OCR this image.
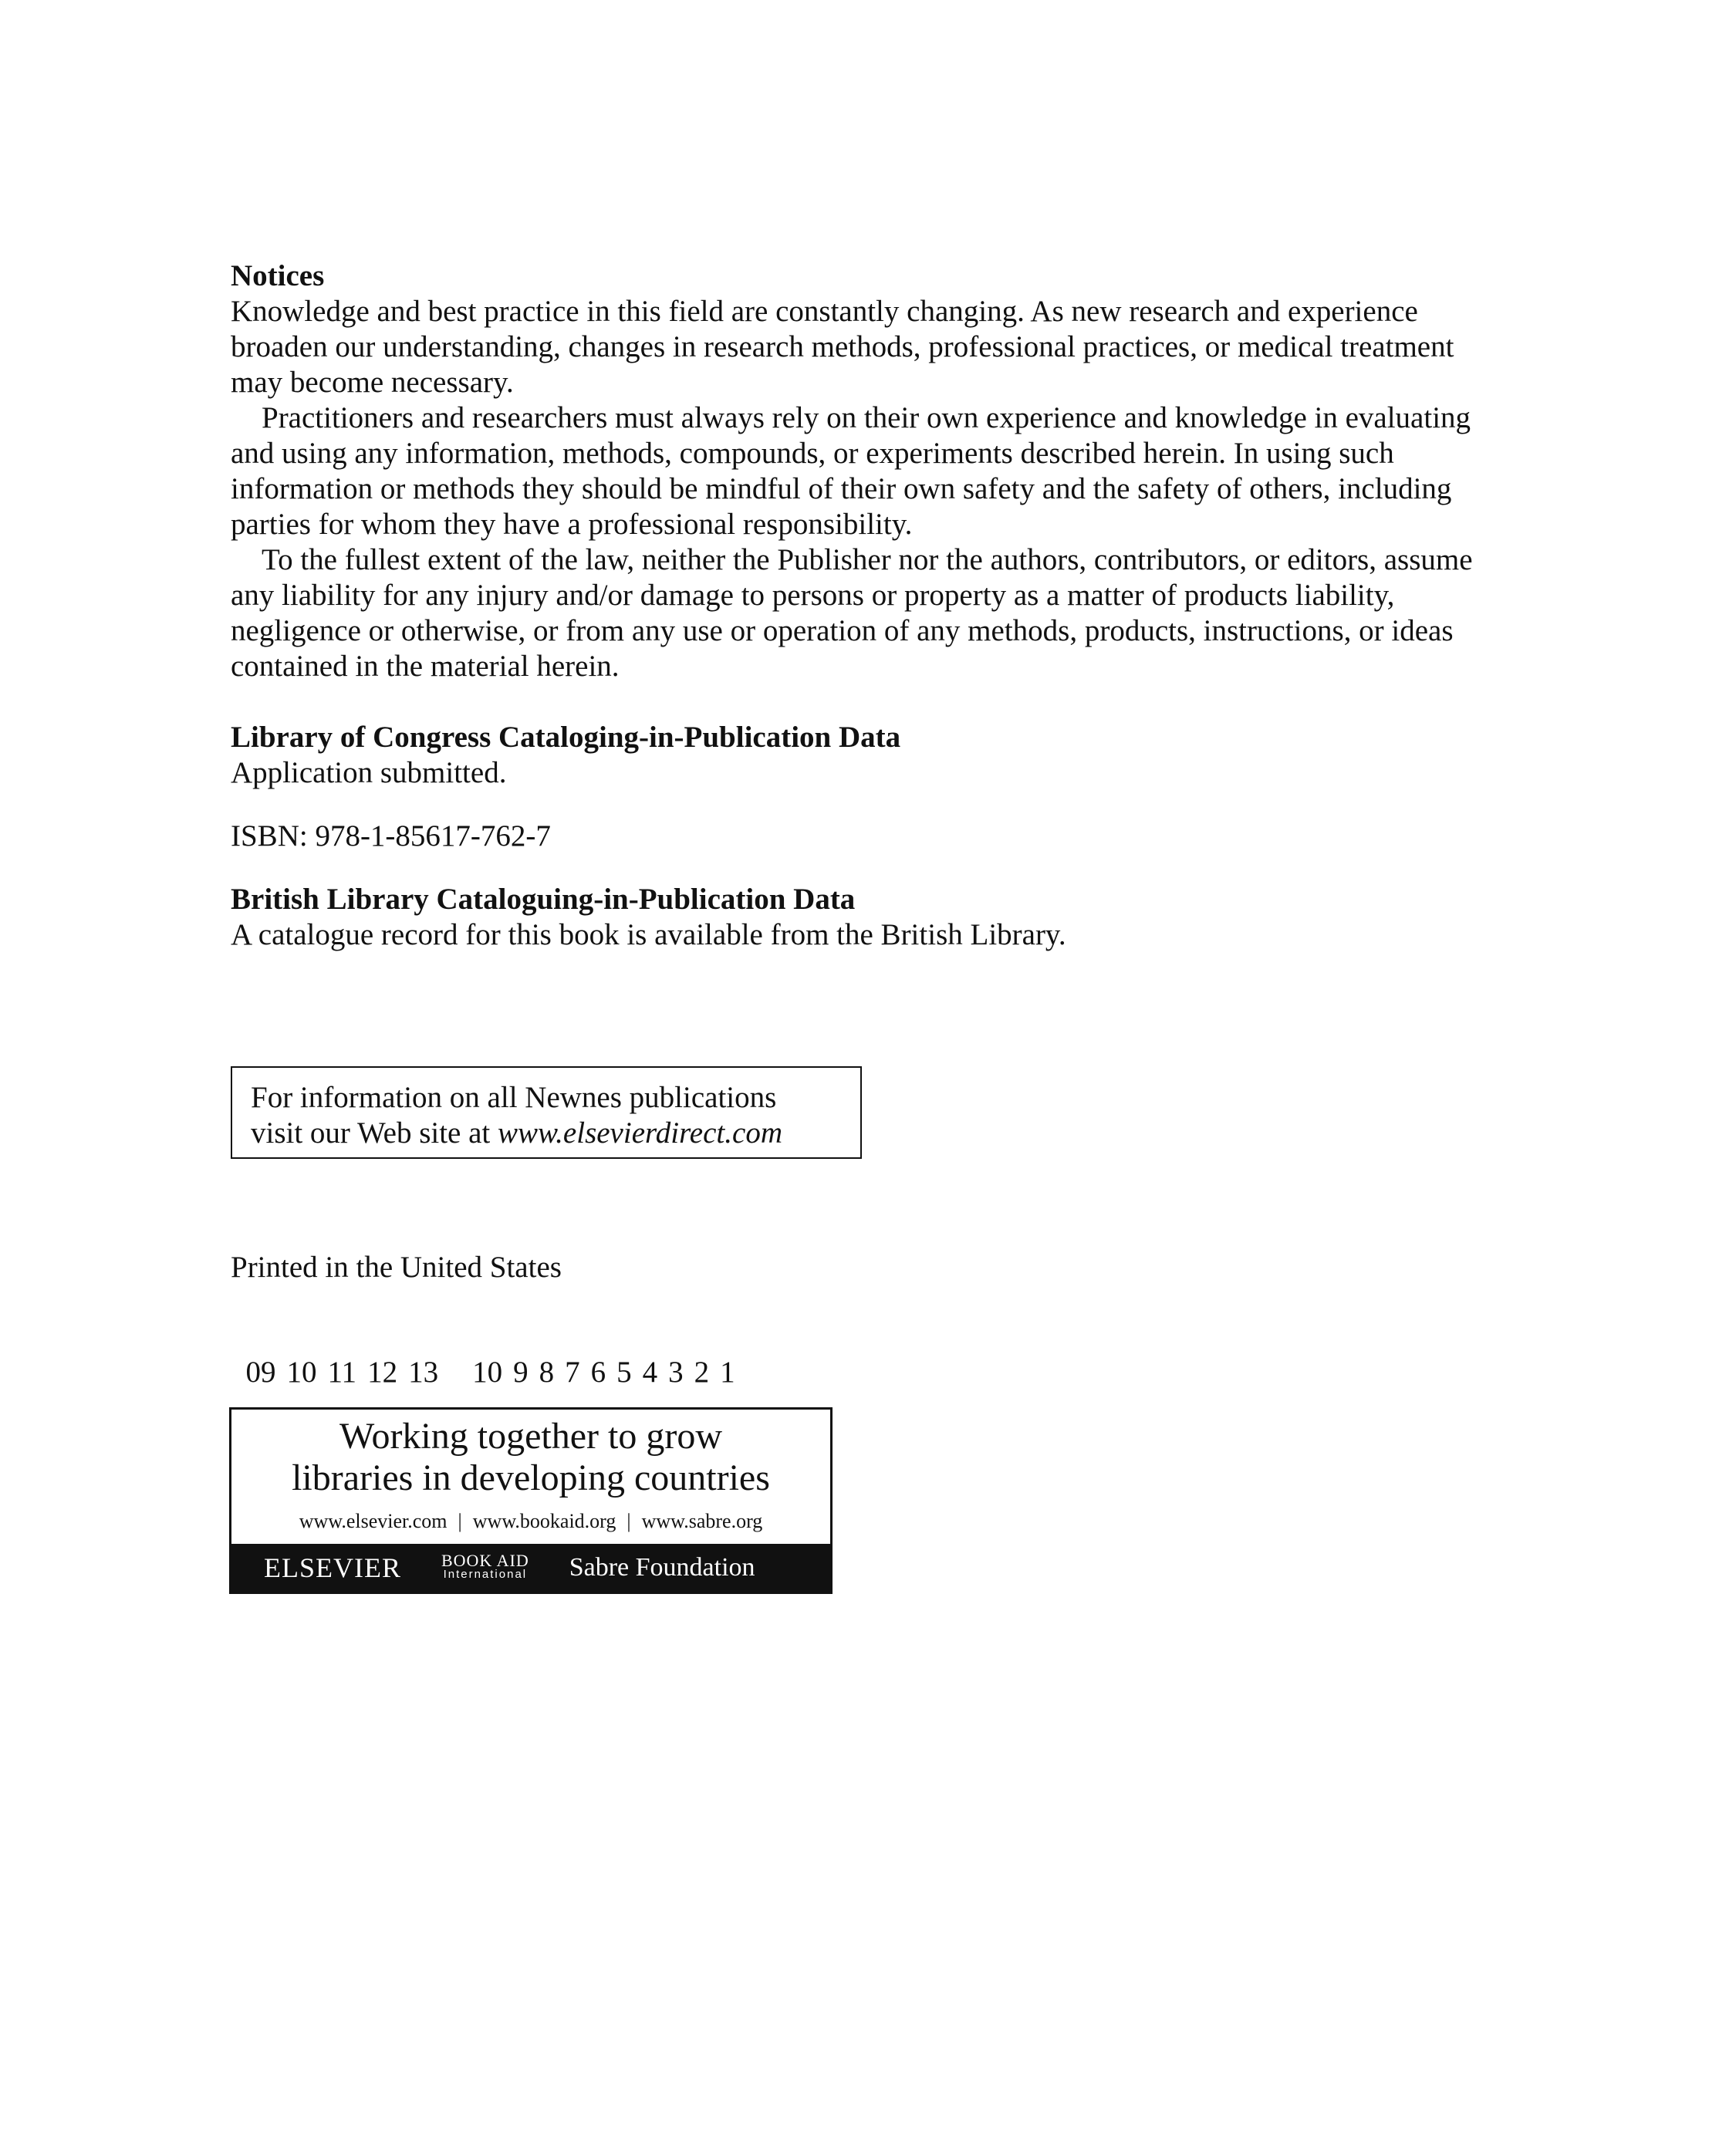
Notices

Knowledge and best practice in this field are constantly changing. As new research and experience broaden our understanding, changes in research methods, professional practices, or medical treatment may become necessary.

Practitioners and researchers must always rely on their own experience and knowledge in evaluating and using any information, methods, compounds, or experiments described herein. In using such information or methods they should be mindful of their own safety and the safety of others, including parties for whom they have a professional responsibility.

To the fullest extent of the law, neither the Publisher nor the authors, contributors, or editors, assume any liability for any injury and/or damage to persons or property as a matter of products liability, negligence or otherwise, or from any use or operation of any methods, products, instructions, or ideas contained in the material herein.

Library of Congress Cataloging-in-Publication Data

Application submitted.

ISBN: 978-1-85617-762-7

British Library Cataloguing-in-Publication Data

A catalogue record for this book is available from the British Library.

For information on all Newnes publications
visit our Web site at www.elsevierdirect.com
Printed in the United States

09 10 11 12 13 10 9 8 7 6 5 4 3 2 1

Working together to grow
libraries in developing countries
www.elsevier.com | www.bookaid.org | www.sabre.org
ELSEVIER BOOK AID
International Sabre Foundation
